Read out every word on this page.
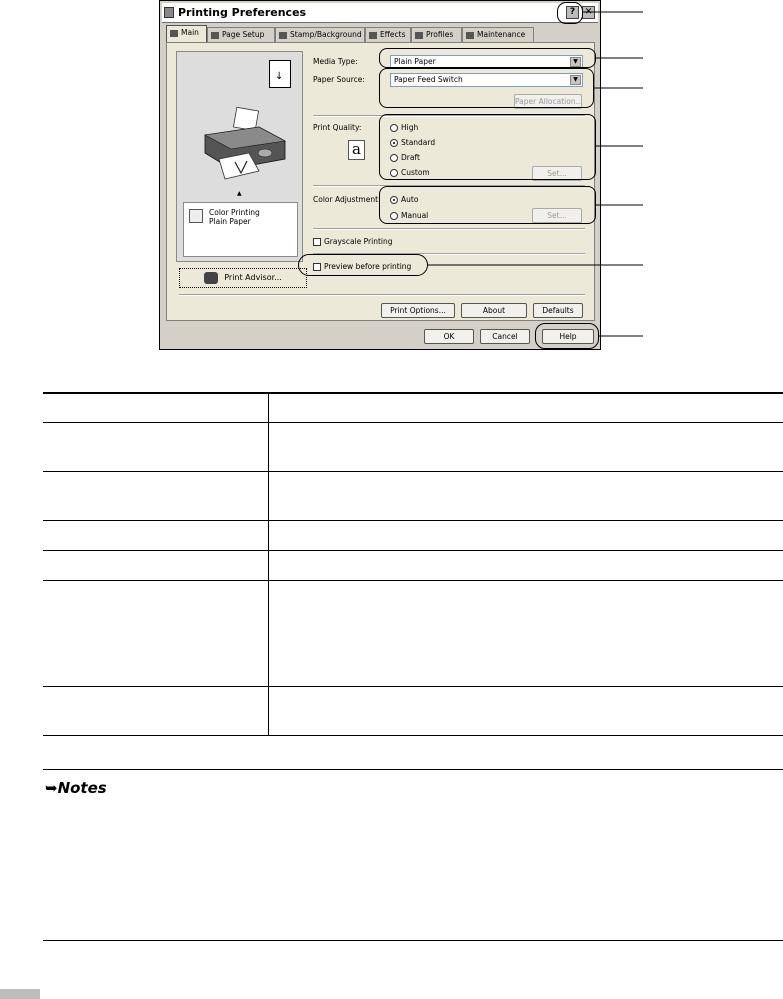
Printing Preferences	?	✕
Main	Page Setup	Stamp/Background	Effects	Profiles	Maintenance
↓
▲
Color Printing
Plain Paper
Print Advisor...
Media Type:	Plain Paper	▼
Paper Source:	Paper Feed Switch	▼
Paper Allocation...
Print Quality:
a
High
Standard
Draft
Custom	Set...
Color Adjustment:	Auto
Manual	Set...
Grayscale Printing
Preview before printing
Print Options...	About	Defaults
OK	Cancel	Help
➥Notes
